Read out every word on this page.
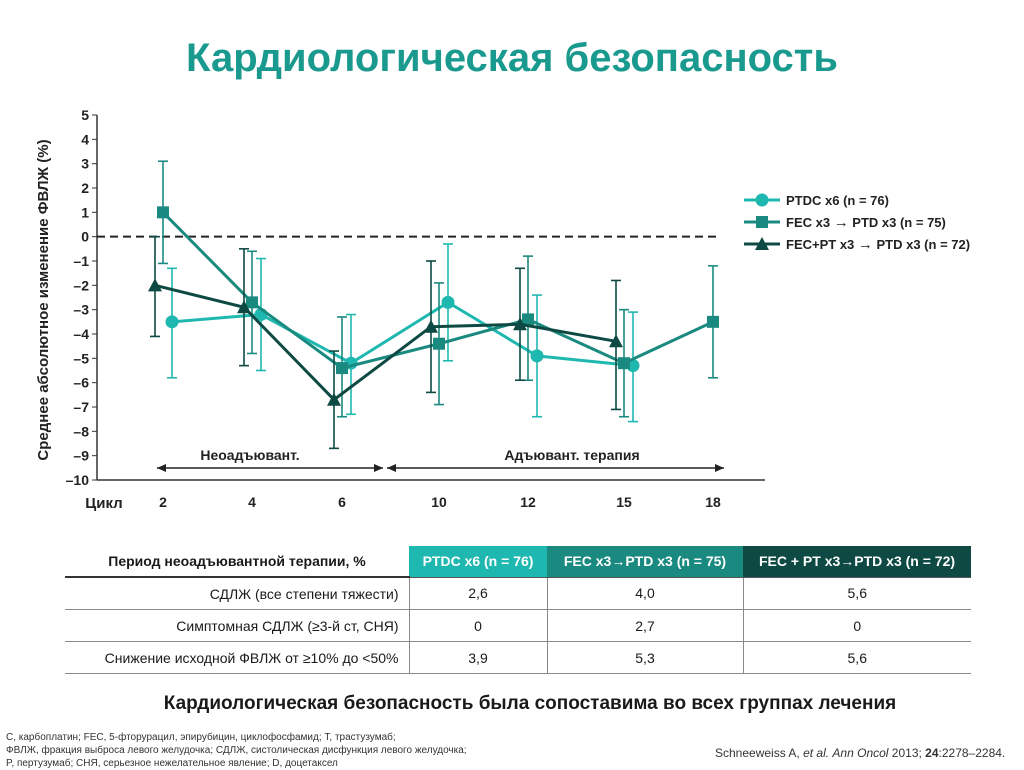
Кардиологическая безопасность
5
4
3
2
1
0
–1
–2
–3
–4
–5
–6
–7
–8
–9
–10
Среднее абсолютное изменение ФВЛЖ (%)
Цикл	2	4	6	10	12	15	18
Неоадъювант.	Адъювант. терапия
PTDC x6 (n = 76)
FEC x3 → PTD x3 (n = 75)
FEC+PT x3 → PTD x3 (n = 72)
Период неоадъювантной терапии, %	PTDC x6 (n = 76)	FEC x3→PTD x3 (n = 75)	FEC + PT x3→PTD x3 (n = 72)
СДЛЖ (все степени тяжести)	2,6	4,0	5,6
Симптомная СДЛЖ (≥3-й ст, СНЯ)	0	2,7	0
Снижение исходной ФВЛЖ от ≥10% до <50%	3,9	5,3	5,6
Кардиологическая безопасность была сопоставима во всех группах лечения
C, карбоплатин; FEC, 5-фторурацил, эпирубицин, циклофосфамид; T, трастузумаб;
ФВЛЖ, фракция выброса левого желудочка; СДЛЖ, систолическая дисфункция левого желудочка;
P, пертузумаб; СНЯ, серьезное нежелательное явление; D, доцетаксел
Schneeweiss A, et al. Ann Oncol 2013; 24:2278–2284.
